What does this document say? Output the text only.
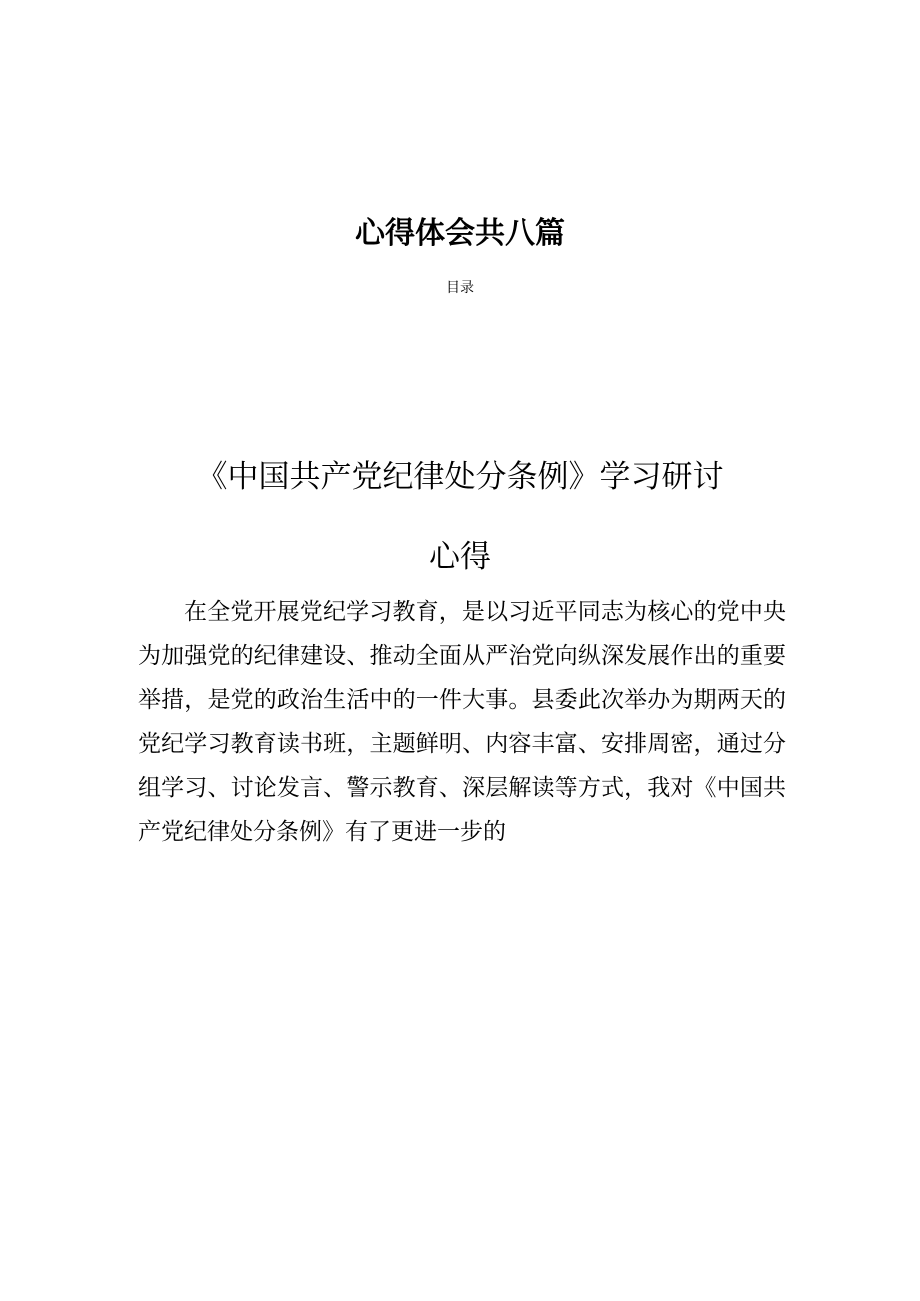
心得体会共八篇
目录
《中国共产党纪律处分条例》学习研讨
心得

在全党开展党纪学习教育，是以习近平同志为核心的党中央为加强党的纪律建设、推动全面从严治党向纵深发展作出的重要举措，是党的政治生活中的一件大事。县委此次举办为期两天的党纪学习教育读书班，主题鲜明、内容丰富、安排周密，通过分组学习、讨论发言、警示教育、深层解读等方式，我对《中国共产党纪律处分条例》有了更进一步的
